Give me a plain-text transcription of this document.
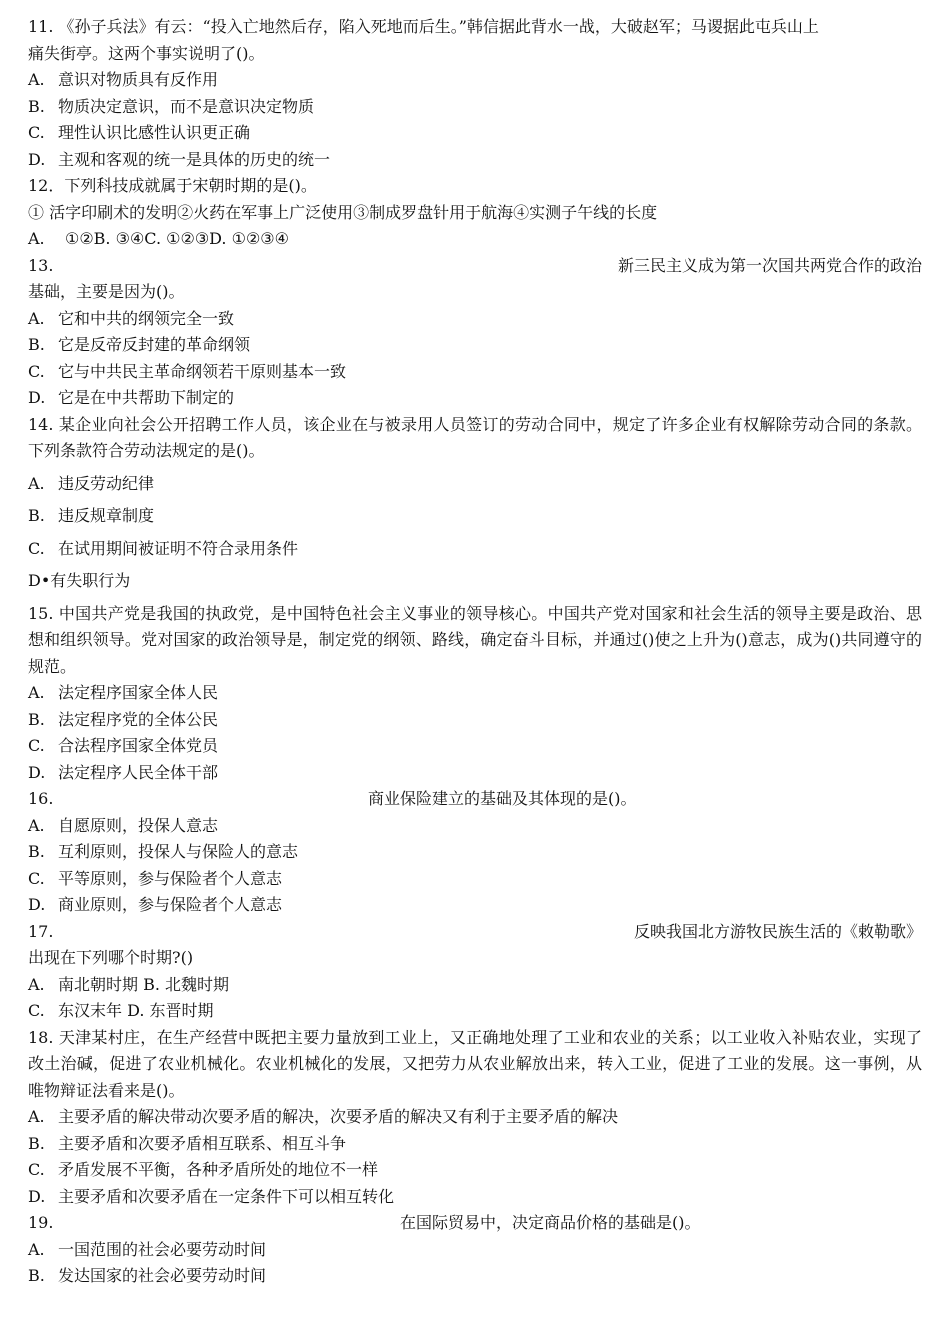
11. 《孙子兵法》有云：“投入亡地然后存，陷入死地而后生。”韩信据此背水一战，大破赵军；马谡据此屯兵山上
痛失街亭。这两个事实说明了()。
A. 意识对物质具有反作用
B. 物质决定意识，而不是意识决定物质
C. 理性认识比感性认识更正确
D. 主观和客观的统一是具体的历史的统一
12．下列科技成就属于宋朝时期的是()。
① 活字印刷术的发明②火药在军事上广泛使用③制成罗盘针用于航海④实测子午线的长度
A.    ①②B. ③④C. ①②③D. ①②③④
13.	新三民主义成为第一次国共两党合作的政治
基础，主要是因为()。
A. 它和中共的纲领完全一致
B. 它是反帝反封建的革命纲领
C. 它与中共民主革命纲领若干原则基本一致
D. 它是在中共帮助下制定的
14. 某企业向社会公开招聘工作人员，该企业在与被录用人员签订的劳动合同中，规定了许多企业有权解除劳动合同的条款。下列条款符合劳动法规定的是()。
A. 违反劳动纪律
B. 违反规章制度
C. 在试用期间被证明不符合录用条件
D•有失职行为
15. 中国共产党是我国的执政党，是中国特色社会主义事业的领导核心。中国共产党对国家和社会生活的领导主要是政治、思想和组织领导。党对国家的政治领导是，制定党的纲领、路线，确定奋斗目标，并通过()使之上升为()意志，成为()共同遵守的规范。
A. 法定程序国家全体人民
B. 法定程序党的全体公民
C. 合法程序国家全体党员
D. 法定程序人民全体干部
16.	商业保险建立的基础及其体现的是()。
A. 自愿原则，投保人意志
B. 互利原则，投保人与保险人的意志
C. 平等原则，参与保险者个人意志
D. 商业原则，参与保险者个人意志
17.	反映我国北方游牧民族生活的《敕勒歌》
出现在下列哪个时期?()
A. 南北朝时期 B. 北魏时期
C. 东汉末年 D. 东晋时期
18. 天津某村庄，在生产经营中既把主要力量放到工业上，又正确地处理了工业和农业的关系；以工业收入补贴农业，实现了改土治碱，促进了农业机械化。农业机械化的发展，又把劳力从农业解放出来，转入工业，促进了工业的发展。这一事例，从唯物辩证法看来是()。
A. 主要矛盾的解决带动次要矛盾的解决，次要矛盾的解决又有利于主要矛盾的解决
B. 主要矛盾和次要矛盾相互联系、相互斗争
C. 矛盾发展不平衡，各种矛盾所处的地位不一样
D. 主要矛盾和次要矛盾在一定条件下可以相互转化
19.	在国际贸易中，决定商品价格的基础是()。
A. 一国范围的社会必要劳动时间
B. 发达国家的社会必要劳动时间
